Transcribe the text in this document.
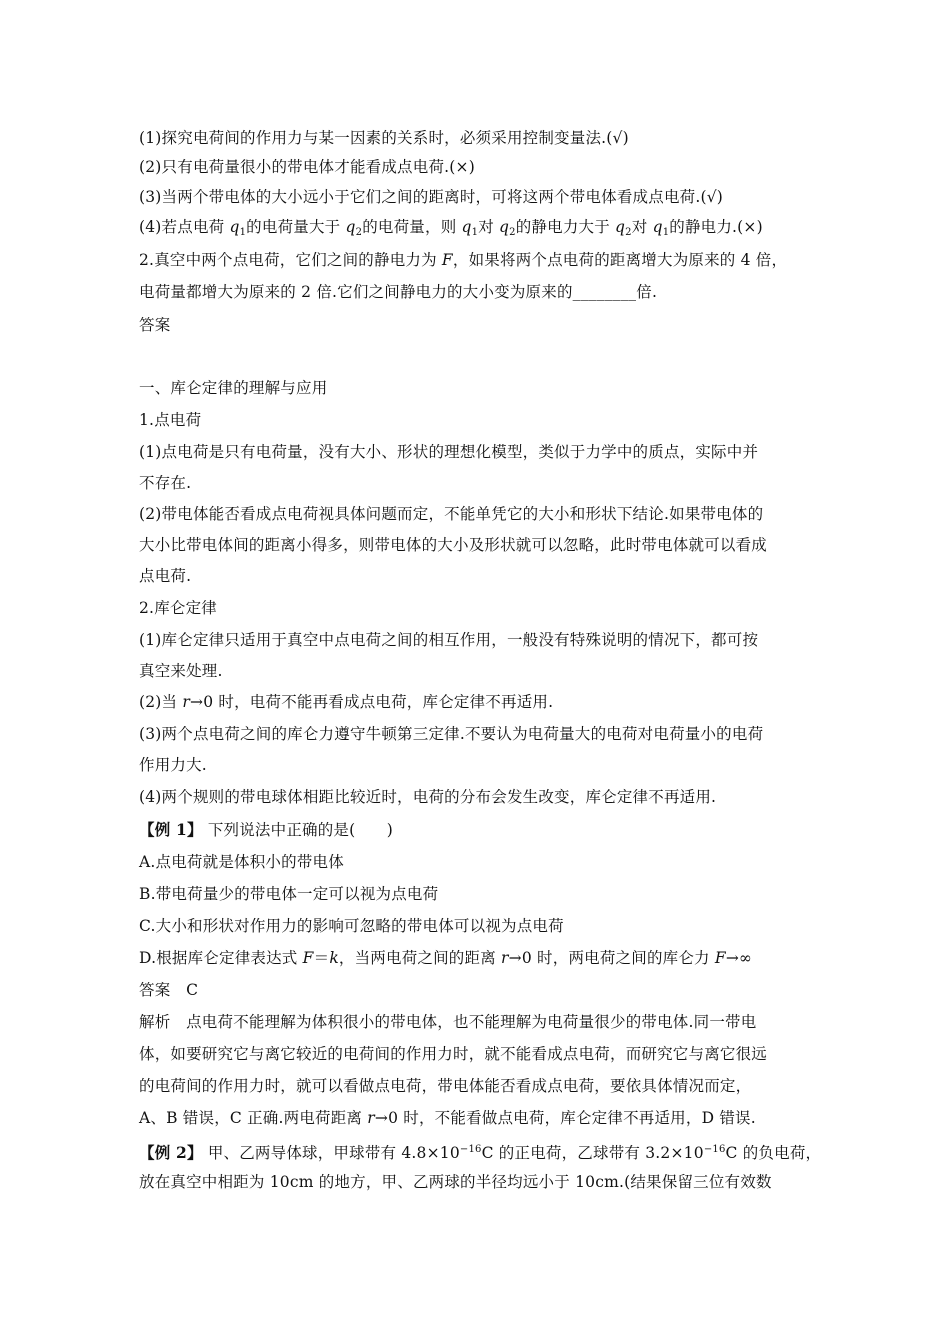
(1)探究电荷间的作用力与某一因素的关系时，必须采用控制变量法.(√)
(2)只有电荷量很小的带电体才能看成点电荷.(×)
(3)当两个带电体的大小远小于它们之间的距离时，可将这两个带电体看成点电荷.(√)
(4)若点电荷 $q_1$的电荷量大于 $q_2$的电荷量，则 $q_1$对 $q_2$的静电力大于 $q_2$对 $q_1$的静电力.(×)
2.真空中两个点电荷，它们之间的静电力为 F，如果将两个点电荷的距离增大为原来的 4 倍，
电荷量都增大为原来的 2 倍.它们之间静电力的大小变为原来的________倍.
答案
一、库仑定律的理解与应用
1.点电荷
(1)点电荷是只有电荷量，没有大小、形状的理想化模型，类似于力学中的质点，实际中并
不存在.
(2)带电体能否看成点电荷视具体问题而定，不能单凭它的大小和形状下结论.如果带电体的
大小比带电体间的距离小得多，则带电体的大小及形状就可以忽略，此时带电体就可以看成
点电荷.
2.库仑定律
(1)库仑定律只适用于真空中点电荷之间的相互作用，一般没有特殊说明的情况下，都可按
真空来处理.
(2)当 r→0 时，电荷不能再看成点电荷，库仑定律不再适用.
(3)两个点电荷之间的库仑力遵守牛顿第三定律.不要认为电荷量大的电荷对电荷量小的电荷
作用力大.
(4)两个规则的带电球体相距比较近时，电荷的分布会发生改变，库仑定律不再适用.
【例 1】 下列说法中正确的是(　　)
A.点电荷就是体积小的带电体
B.带电荷量少的带电体一定可以视为点电荷
C.大小和形状对作用力的影响可忽略的带电体可以视为点电荷
D.根据库仑定律表达式 F＝k，当两电荷之间的距离 r→0 时，两电荷之间的库仑力 F→∞
答案　C
解析　点电荷不能理解为体积很小的带电体，也不能理解为电荷量很少的带电体.同一带电
体，如要研究它与离它较近的电荷间的作用力时，就不能看成点电荷，而研究它与离它很远
的电荷间的作用力时，就可以看做点电荷，带电体能否看成点电荷，要依具体情况而定，
A、B 错误，C 正确.两电荷距离 r→0 时，不能看做点电荷，库仑定律不再适用，D 错误.
【例 2】 甲、乙两导体球，甲球带有 $4.8\times 10^{-16}C$ 的正电荷，乙球带有 $3.2\times 10^{-16}C$ 的负电荷，
放在真空中相距为 10cm 的地方，甲、乙两球的半径均远小于 10cm.(结果保留三位有效数
